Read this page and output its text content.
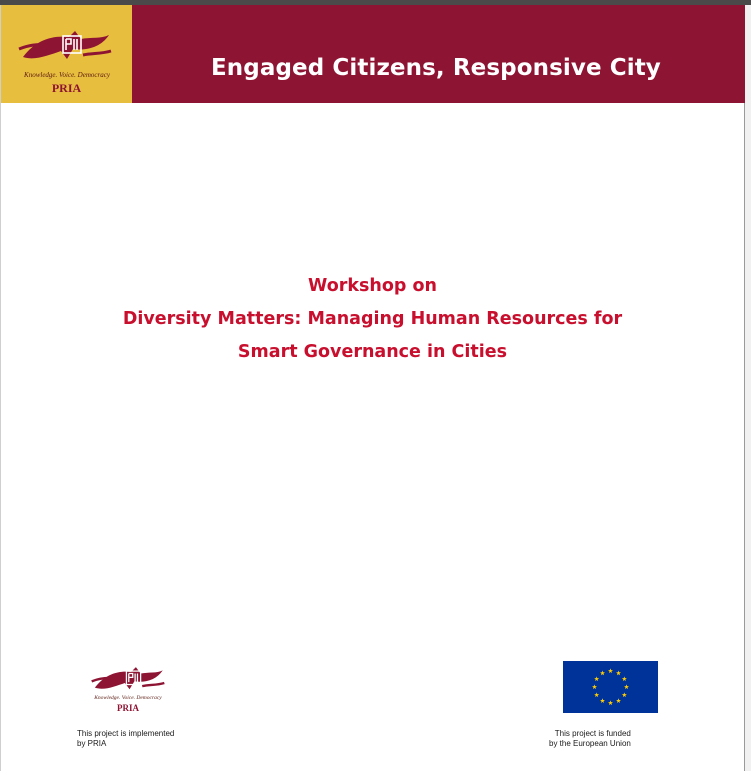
Knowledge. Voice. Democracy
PRIA
Engaged Citizens, Responsive City
Workshop on
Diversity Matters: Managing Human Resources for
Smart Governance in Cities
Knowledge. Voice. Democracy
PRIA
This project is implemented
by PRIA
This project is funded
by the European Union
